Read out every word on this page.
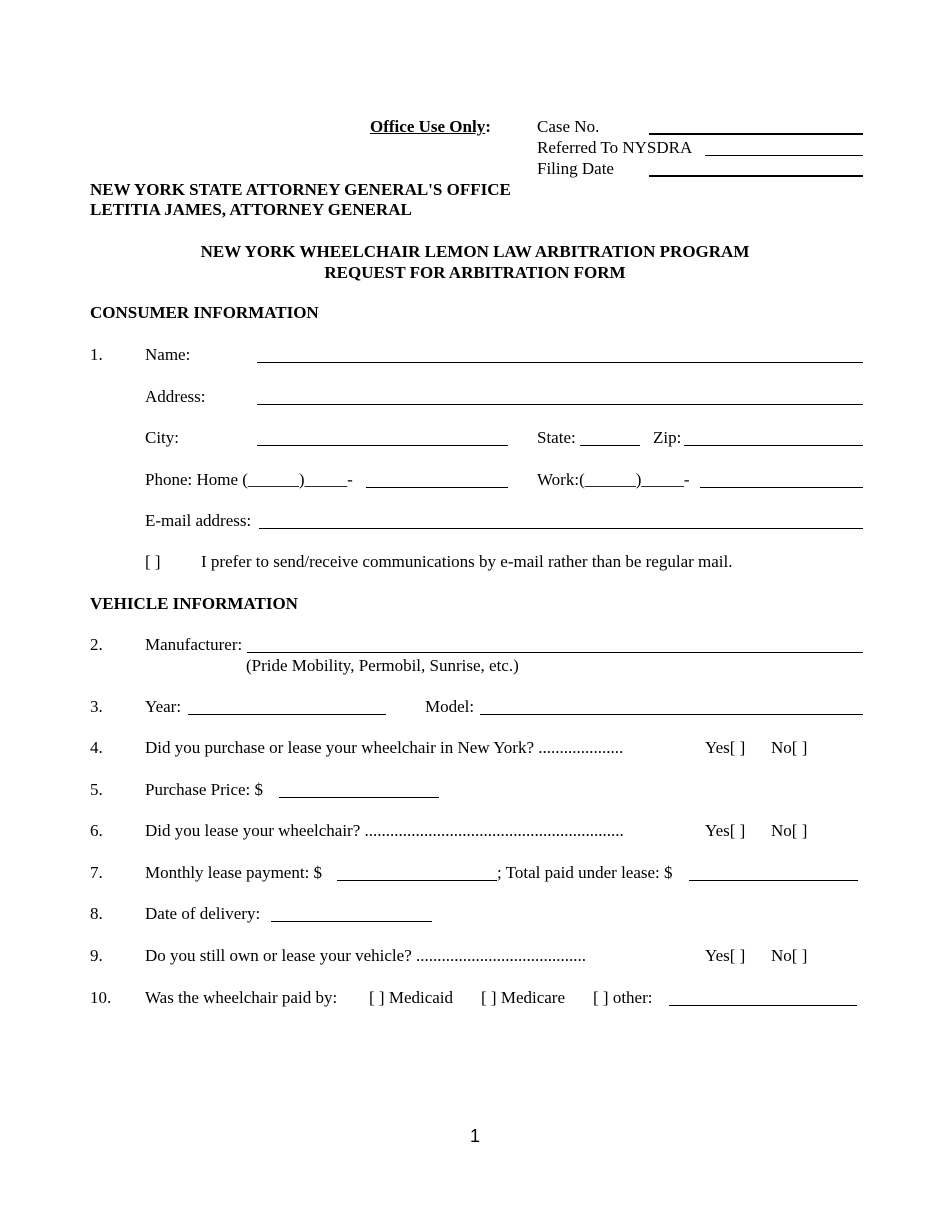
Office Use Only:	Case No.
Referred To NYSDRA
Filing Date
NEW YORK STATE ATTORNEY GENERAL'S OFFICE
LETITIA JAMES, ATTORNEY GENERAL
NEW YORK WHEELCHAIR LEMON LAW ARBITRATION PROGRAM
REQUEST FOR ARBITRATION FORM
CONSUMER INFORMATION
1. Name:
Address:
City:	State:	Zip:
Phone: Home (______)_____-	Work:(______)_____-
E-mail address:
[ ] I prefer to send/receive communications by e-mail rather than be regular mail.
VEHICLE INFORMATION
2. Manufacturer:
(Pride Mobility, Permobil, Sunrise, etc.)
3. Year:	Model:
4. Did you purchase or lease your wheelchair in New York? ....................	Yes[ ] No[ ]
5. Purchase Price: $
6. Did you lease your wheelchair? .............................................................	Yes[ ] No[ ]
7. Monthly lease payment: $	; Total paid under lease: $
8. Date of delivery:
9. Do you still own or lease your vehicle? ........................................	Yes[ ] No[ ]
10. Was the wheelchair paid by: [ ] Medicaid [ ] Medicare [ ] other:
1
